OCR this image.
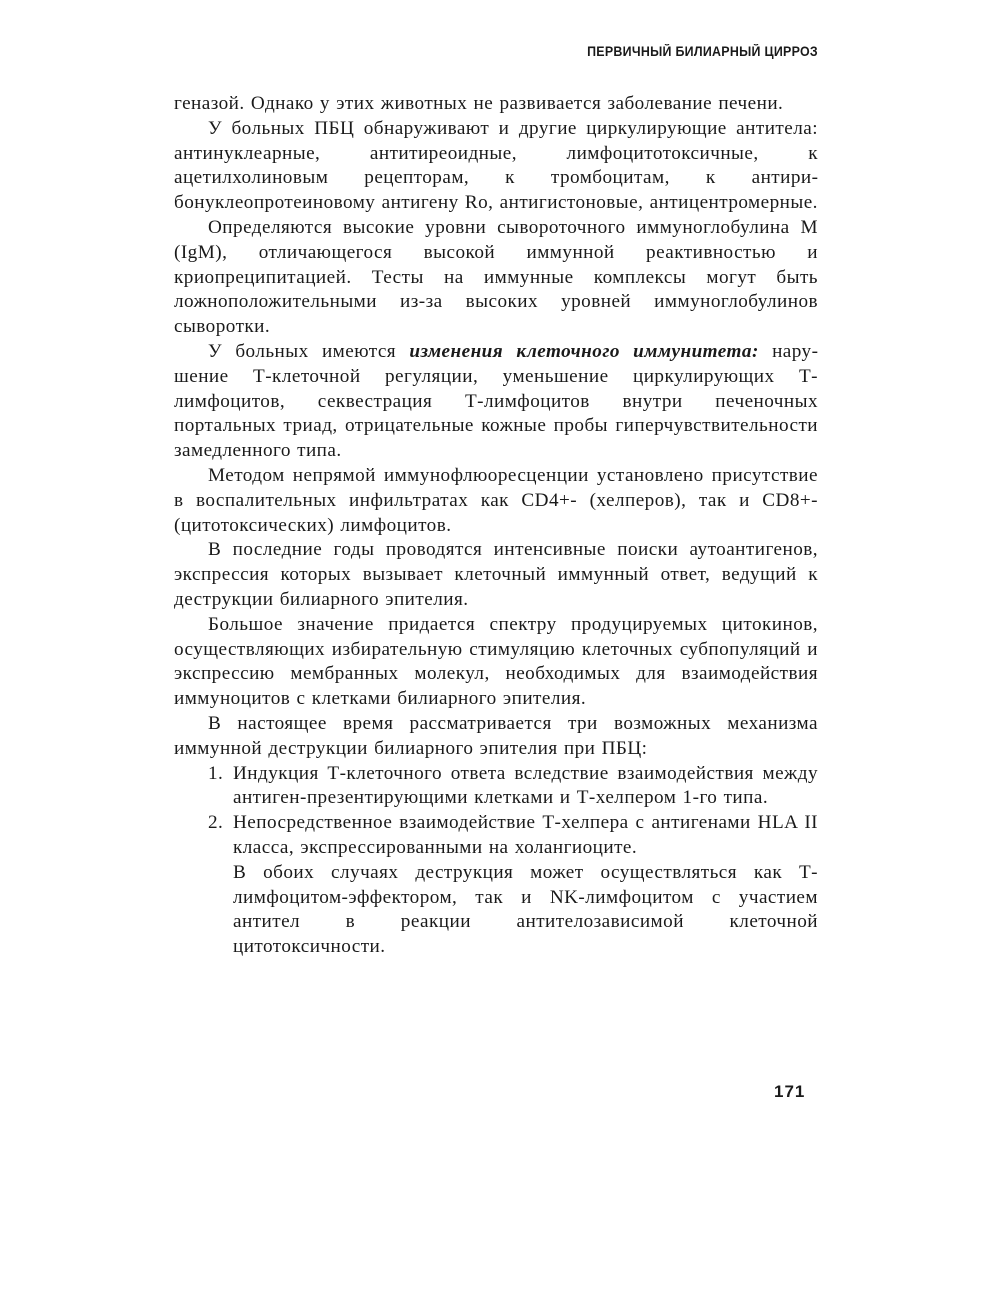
ПЕРВИЧНЫЙ БИЛИАРНЫЙ ЦИРРОЗ

генaзой. Однако у этих животных не развивается заболевание печени.

У больных ПБЦ обнаруживают и другие циркулирующие антитела: антинуклеарные, антитиреоидные, лимфоцитотоксичные, к ацетилхолиновым рецепторам, к тромбоцитам, к антирибонуклеопротеиновому антигену Ro, антигистоновые, антицентромерные.

Определяются высокие уровни сывороточного иммуноглобулина М (IgM), отличающегося высокой иммунной реактивностью и криопреципитацией. Тесты на иммунные комплексы могут быть ложноположительными из-за высоких уровней иммуноглобулинов сыворотки.

У больных имеются изменения клеточного иммунитета: нарушение Т-клеточной регуляции, уменьшение циркулирующих Т-лимфоцитов, секвестрация Т-лимфоцитов внутри печеночных портальных триад, отрицательные кожные пробы гиперчувствительности замедленного типа.

Методом непрямой иммунофлюоресценции установлено присутствие в воспалительных инфильтратах как CD4+- (хелперов), так и CD8+- (цитотоксических) лимфоцитов.

В последние годы проводятся интенсивные поиски аутоантигенов, экспрессия которых вызывает клеточный иммунный ответ, ведущий к деструкции билиарного эпителия.

Большое значение придается спектру продуцируемых цитокинов, осуществляющих избирательную стимуляцию клеточных субпопуляций и экспрессию мембранных молекул, необходимых для взаимодействия иммуноцитов с клетками билиарного эпителия.

В настоящее время рассматривается три возможных механизма иммунной деструкции билиарного эпителия при ПБЦ:

1. Индукция Т-клеточного ответа вследствие взаимодействия между антиген-презентирующими клетками и Т-хелпером 1-го типа.
2. Непосредственное взаимодействие Т-хелпера с антигенами HLA II класса, экспрессированными на холангиоците.
В обоих случаях деструкция может осуществляться как Т-лимфоцитом-эффектором, так и NK-лимфоцитом с участием антител в реакции антителозависимой клеточной цитотоксичности.
171
